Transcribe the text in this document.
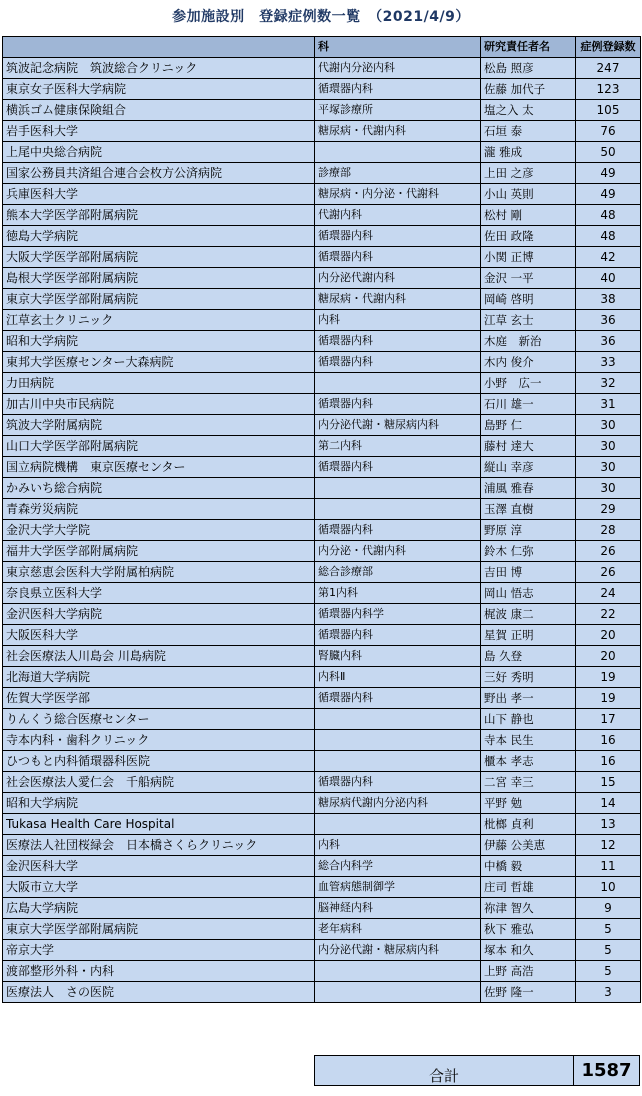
参加施設別　登録症例数一覧　（2021/4/9）
	科	研究責任者名	症例登録数
筑波記念病院　筑波総合クリニック	代謝内分泌内科	松島 照彦	247
東京女子医科大学病院	循環器内科	佐藤 加代子	123
横浜ゴム健康保険組合	平塚診療所	塩之入 太	105
岩手医科大学	糖尿病・代謝内科	石垣 泰	76
上尾中央総合病院		瀧 雅成	50
国家公務員共済組合連合会枚方公済病院	診療部	上田 之彦	49
兵庫医科大学	糖尿病・内分泌・代謝科	小山 英則	49
熊本大学医学部附属病院	代謝内科	松村 剛	48
徳島大学病院	循環器内科	佐田 政隆	48
大阪大学医学部附属病院	循環器内科	小関 正博	42
島根大学医学部附属病院	内分泌代謝内科	金沢 一平	40
東京大学医学部附属病院	糖尿病・代謝内科	岡崎 啓明	38
江草玄士クリニック	内科	江草 玄士	36
昭和大学病院	循環器内科	木庭　新治	36
東邦大学医療センター大森病院	循環器内科	木内 俊介	33
力田病院		小野　広一	32
加古川中央市民病院	循環器内科	石川 雄一	31
筑波大学附属病院	内分泌代謝・糖尿病内科	島野 仁	30
山口大学医学部附属病院	第二内科	藤村 達大	30
国立病院機構　東京医療センター	循環器内科	縦山 幸彦	30
かみいち総合病院		浦風 雅春	30
青森労災病院		玉澤 直樹	29
金沢大学大学院	循環器内科	野原 淳	28
福井大学医学部附属病院	内分泌・代謝内科	鈴木 仁弥	26
東京慈恵会医科大学附属柏病院	総合診療部	吉田 博	26
奈良県立医科大学	第1内科	岡山 悟志	24
金沢医科大学病院	循環器内科学	梶波 康二	22
大阪医科大学	循環器内科	星賀 正明	20
社会医療法人川島会 川島病院	腎臓内科	島 久登	20
北海道大学病院	内科Ⅱ	三好 秀明	19
佐賀大学医学部	循環器内科	野出 孝一	19
りんくう総合医療センター		山下 静也	17
寺本内科・歯科クリニック		寺本 民生	16
ひつもと内科循環器科医院		櫃本 孝志	16
社会医療法人愛仁会　千船病院	循環器内科	二宮 幸三	15
昭和大学病院	糖尿病代謝内分泌内科	平野 勉	14
Tukasa Health Care Hospital		枇榔 貞利	13
医療法人社団桜緑会　日本橋さくらクリニック	内科	伊藤 公美恵	12
金沢医科大学	総合内科学	中橋 毅	11
大阪市立大学	血管病態制御学	庄司 哲雄	10
広島大学病院	脳神経内科	祢津 智久	9
東京大学医学部附属病院	老年病科	秋下 雅弘	5
帝京大学	内分泌代謝・糖尿病内科	塚本 和久	5
渡部整形外科・内科		上野 高浩	5
医療法人　さの医院		佐野 隆一	3
合計	1587
